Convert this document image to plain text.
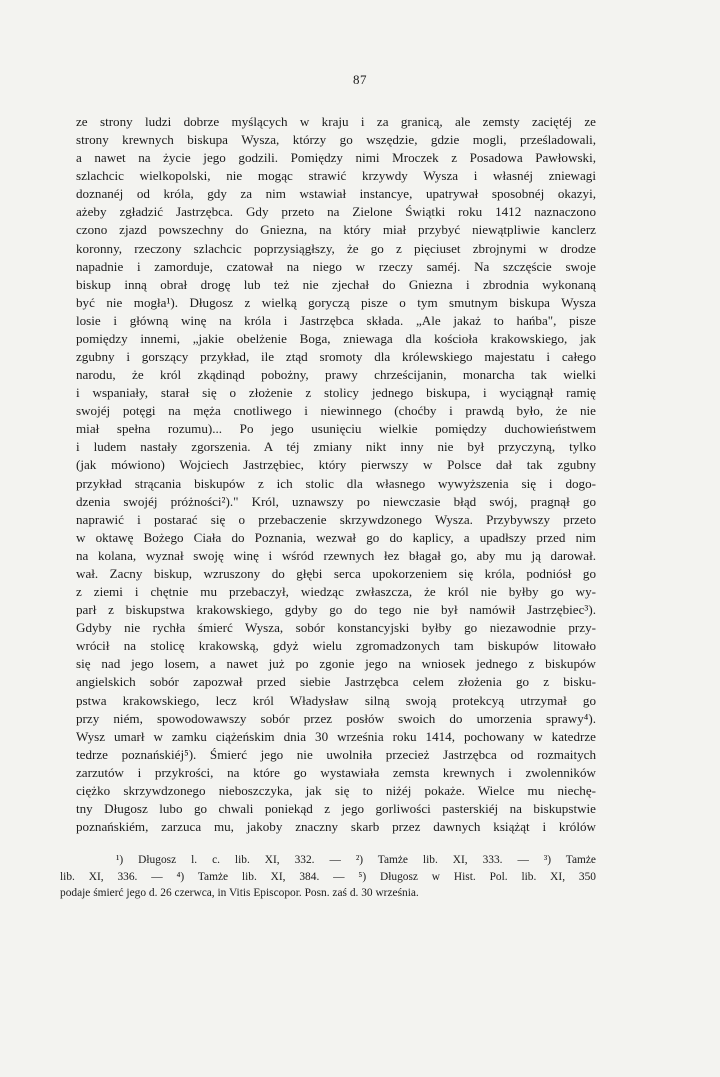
87
ze strony ludzi dobrze myślących w kraju i za granicą, ale zemsty zaciętéj ze
strony krewnych biskupa Wysza, którzy go wszędzie, gdzie mogli, prześladowali,
a nawet na życie jego godzili. Pomiędzy nimi Mroczek z Posadowa Pawłowski,
szlachcic wielkopolski, nie mogąc strawić krzywdy Wysza i własnéj zniewagi
doznanéj od króla, gdy za nim wstawiał instancye, upatrywał sposobnéj okazyi,
ażeby zgładzić Jastrzębca. Gdy przeto na Zielone Świątki roku 1412 naznaczono
czono zjazd powszechny do Gniezna, na który miał przybyć niewątpliwie kanclerz
koronny, rzeczony szlachcic poprzysiągłszy, że go z pięciuset zbrojnymi w drodze
napadnie i zamorduje, czatował na niego w rzeczy saméj. Na szczęście swoje
biskup inną obrał drogę lub też nie zjechał do Gniezna i zbrodnia wykonaną
być nie mogła¹). Długosz z wielką goryczą pisze o tym smutnym biskupa Wysza
losie i główną winę na króla i Jastrzębca składa. „Ale jakaż to hańba", pisze
pomiędzy innemi, „jakie obelżenie Boga, zniewaga dla kościoła krakowskiego, jak
zgubny i gorszący przykład, ile ztąd sromoty dla królewskiego majestatu i całego
narodu, że król zkądinąd pobożny, prawy chrześcijanin, monarcha tak wielki
i wspaniały, starał się o złożenie z stolicy jednego biskupa, i wyciągnął ramię
swojéj potęgi na męża cnotliwego i niewinnego (choćby i prawdą było, że nie
miał spełna rozumu)... Po jego usunięciu wielkie pomiędzy duchowieństwem
i ludem nastały zgorszenia. A téj zmiany nikt inny nie był przyczyną, tylko
(jak mówiono) Wojciech Jastrzębiec, który pierwszy w Polsce dał tak zgubny
przykład strącania biskupów z ich stolic dla własnego wywyższenia się i dogo-
dzenia swojéj próżności²)." Król, uznawszy po niewczasie błąd swój, pragnął go
naprawić i postarać się o przebaczenie skrzywdzonego Wysza. Przybywszy przeto
w oktawę Bożego Ciała do Poznania, wezwał go do kaplicy, a upadłszy przed nim
na kolana, wyznał swoję winę i wśród rzewnych łez błagał go, aby mu ją darował.
wał. Zacny biskup, wzruszony do głębi serca upokorzeniem się króla, podniósł go
z ziemi i chętnie mu przebaczył, wiedząc zwłaszcza, że król nie byłby go wy-
parł z biskupstwa krakowskiego, gdyby go do tego nie był namówił Jastrzębiec³).
Gdyby nie rychła śmierć Wysza, sobór konstancyjski byłby go niezawodnie przy-
wrócił na stolicę krakowską, gdyż wielu zgromadzonych tam biskupów litowało
się nad jego losem, a nawet już po zgonie jego na wniosek jednego z biskupów
angielskich sobór zapozwał przed siebie Jastrzębca celem złożenia go z bisku-
pstwa krakowskiego, lecz król Władysław silną swoją protekcyą utrzymał go
przy niém, spowodowawszy sobór przez posłów swoich do umorzenia sprawy⁴).
Wysz umarł w zamku ciążeńskim dnia 30 września roku 1414, pochowany w katedrze
tedrze poznańskiéj⁵). Śmierć jego nie uwolniła przecież Jastrzębca od rozmaitych
zarzutów i przykrości, na które go wystawiała zemsta krewnych i zwolenników
ciężko skrzywdzonego nieboszczyka, jak się to niżéj pokaże. Wielce mu niechę-
tny Długosz lubo go chwali poniekąd z jego gorliwości pasterskiéj na biskupstwie
poznańskiém, zarzuca mu, jakoby znaczny skarb przez dawnych książąt i królów
¹) Długosz l. c. lib. XI, 332. — ²) Tamże lib. XI, 333. — ³) Tamże
lib. XI, 336. — ⁴) Tamże lib. XI, 384. — ⁵) Długosz w Hist. Pol. lib. XI, 350
podaje śmierć jego d. 26 czerwca, in Vitis Episcopor. Posn. zaś d. 30 września.
